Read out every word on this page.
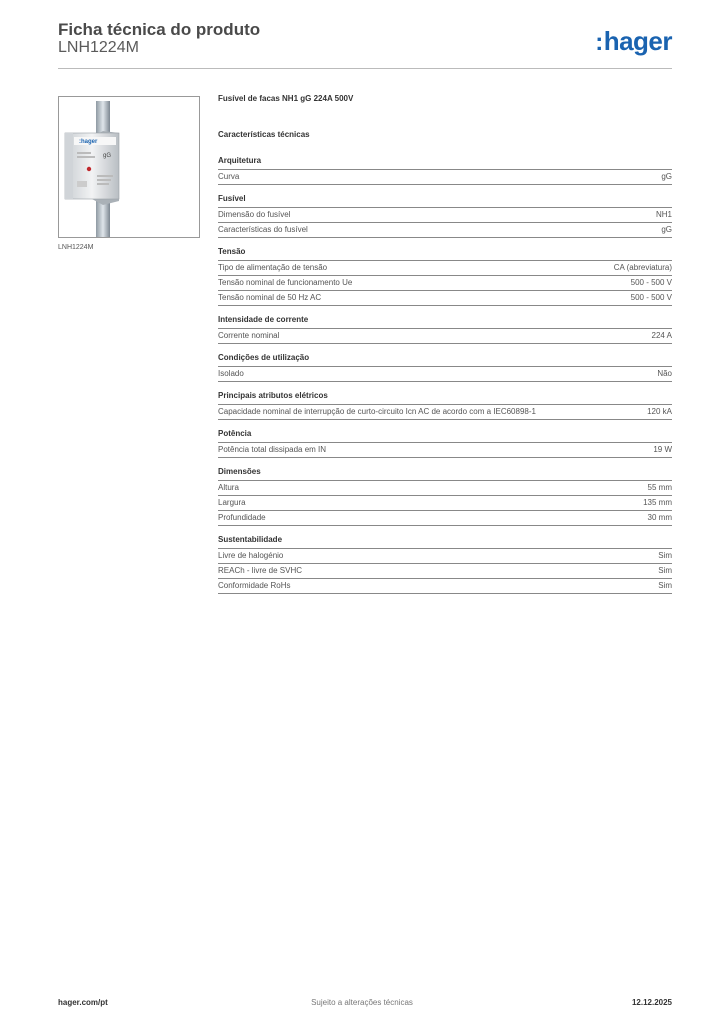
Ficha técnica do produto
LNH1224M	:hager
:hager
gG
LNH1224M
Fusível de facas NH1 gG 224A 500V
Características técnicas
Arquitetura
Curva	gG
Fusível
Dimensão do fusível	NH1
Características do fusível	gG
Tensão
Tipo de alimentação de tensão	CA (abreviatura)
Tensão nominal de funcionamento Ue	500 - 500 V
Tensão nominal de 50 Hz AC	500 - 500 V
Intensidade de corrente
Corrente nominal	224 A
Condições de utilização
Isolado	Não
Principais atributos elétricos
Capacidade nominal de interrupção de curto-circuito Icn AC de acordo com a IEC60898-1	120 kA
Potência
Potência total dissipada em IN	19 W
Dimensões
Altura	55 mm
Largura	135 mm
Profundidade	30 mm
Sustentabilidade
Livre de halogénio	Sim
REACh - livre de SVHC	Sim
Conformidade RoHs	Sim
hager.com/pt	Sujeito a alterações técnicas	12.12.2025
